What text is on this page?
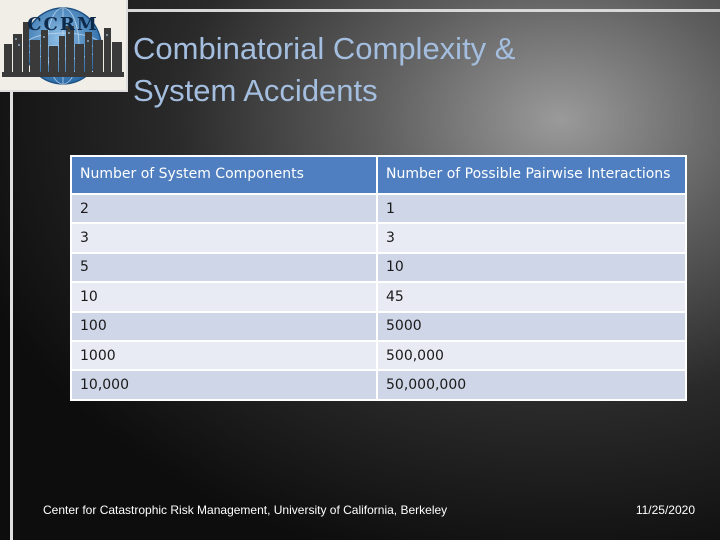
CCRM
Combinatorial Complexity &
System Accidents
Number of System Components	Number of Possible Pairwise Interactions
2	1
3	3
5	10
10	45
100	5000
1000	500,000
10,000	50,000,000
Center for Catastrophic Risk Management, University of California, Berkeley	11/25/2020
